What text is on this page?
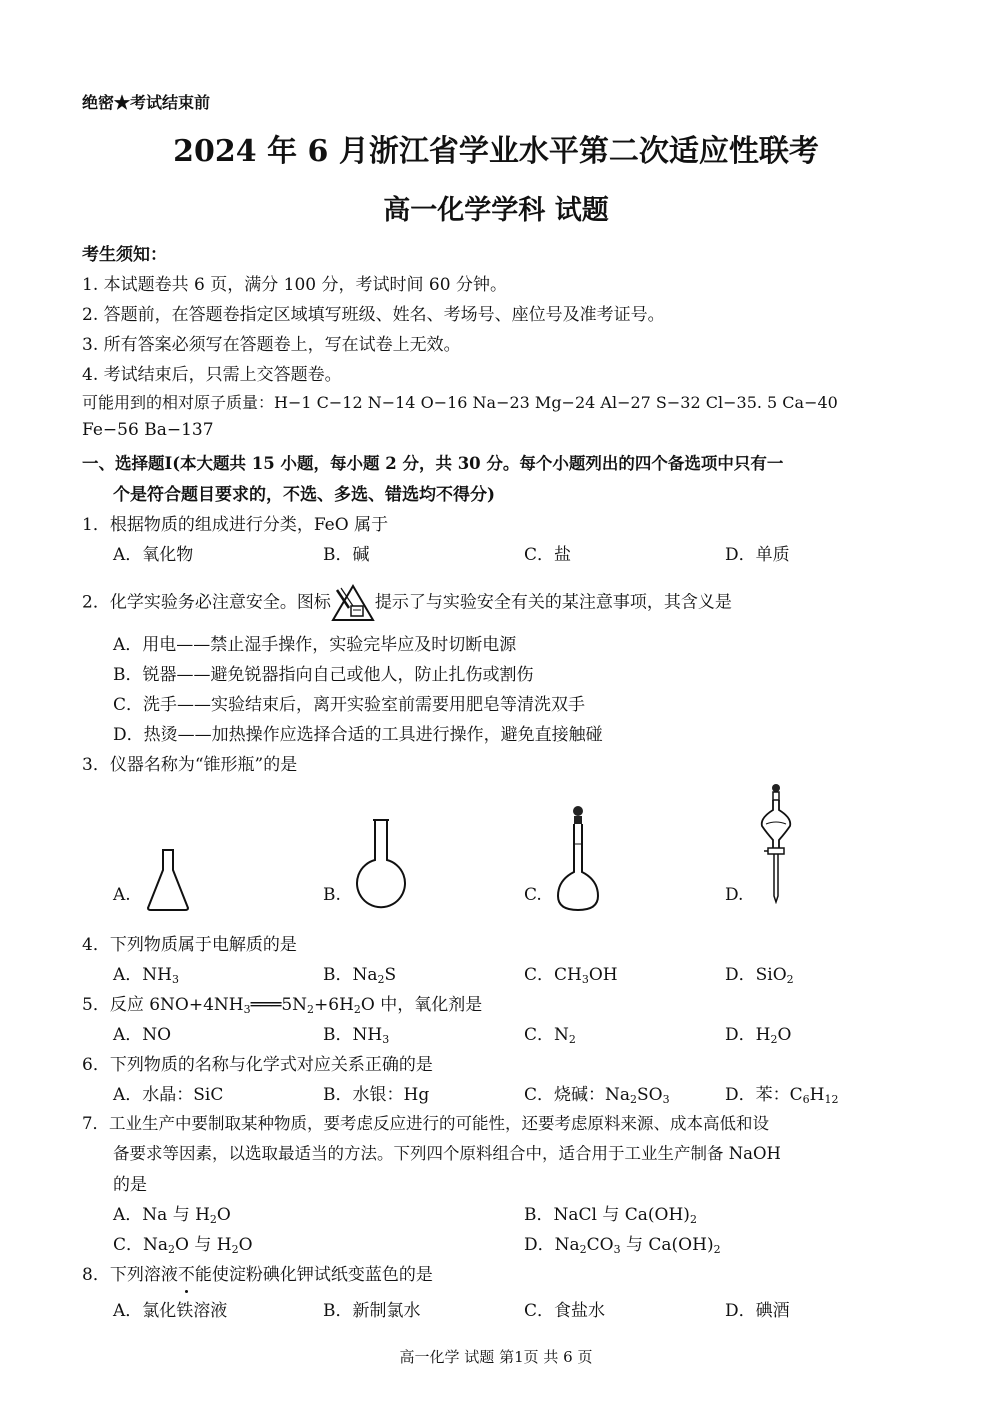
绝密★考试结束前
2024 年 6 月浙江省学业水平第二次适应性联考
高一化学学科 试题
考生须知：
1. 本试题卷共 6 页，满分 100 分，考试时间 60 分钟。
2. 答题前，在答题卷指定区域填写班级、姓名、考场号、座位号及准考证号。
3. 所有答案必须写在答题卷上，写在试卷上无效。
4. 考试结束后，只需上交答题卷。
可能用到的相对原子质量：H−1 C−12 N−14 O−16 Na−23 Mg−24 Al−27 S−32 Cl−35. 5 Ca−40
Fe−56 Ba−137
一、选择题Ⅰ(本大题共 15 小题，每小题 2 分，共 30 分。每个小题列出的四个备选项中只有一
个是符合题目要求的，不选、多选、错选均不得分)
1．根据物质的组成进行分类，FeO 属于
A．氧化物	B．碱	C．盐	D．单质
2．化学实验务必注意安全。图标	提示了与实验安全有关的某注意事项，其含义是
A．用电——禁止湿手操作，实验完毕应及时切断电源
B．锐器——避免锐器指向自己或他人，防止扎伤或割伤
C．洗手——实验结束后，离开实验室前需要用肥皂等清洗双手
D．热烫——加热操作应选择合适的工具进行操作，避免直接触碰
3．仪器名称为“锥形瓶”的是
A.	B.	C.	D.
4．下列物质属于电解质的是
A．$NH_3$	B．$Na_2S$	C．$CH_3OH$	D．SiO$_2$
5．反应 $6NO+4NH_3═══5N_2+6H_2O$ 中，氧化剂是
A．NO	B．$NH_3$	C．$N_2$	D．$H_2O$
6．下列物质的名称与化学式对应关系正确的是
A．水晶：SiC	B．水银：Hg	C．烧碱：$Na_2SO_3$	D．苯：$C_6H_{12}$
7．工业生产中要制取某种物质，要考虑反应进行的可能性，还要考虑原料来源、成本高低和设
备要求等因素，以选取最适当的方法。下列四个原料组合中，适合用于工业生产制备 NaOH
的是
A．Na 与 $H_2O$	B．NaCl 与 $Ca(OH)_2$
C．$Na_2O$ 与 $H_2O$	D．$Na_2CO_3$ 与 $Ca(OH)_2$
8．下列溶液不
能使淀粉碘化钾试纸变蓝色的是
A．氯化铁溶液	B．新制氯水	C．食盐水	D．碘酒
高一化学 试题 第1页 共 6 页
